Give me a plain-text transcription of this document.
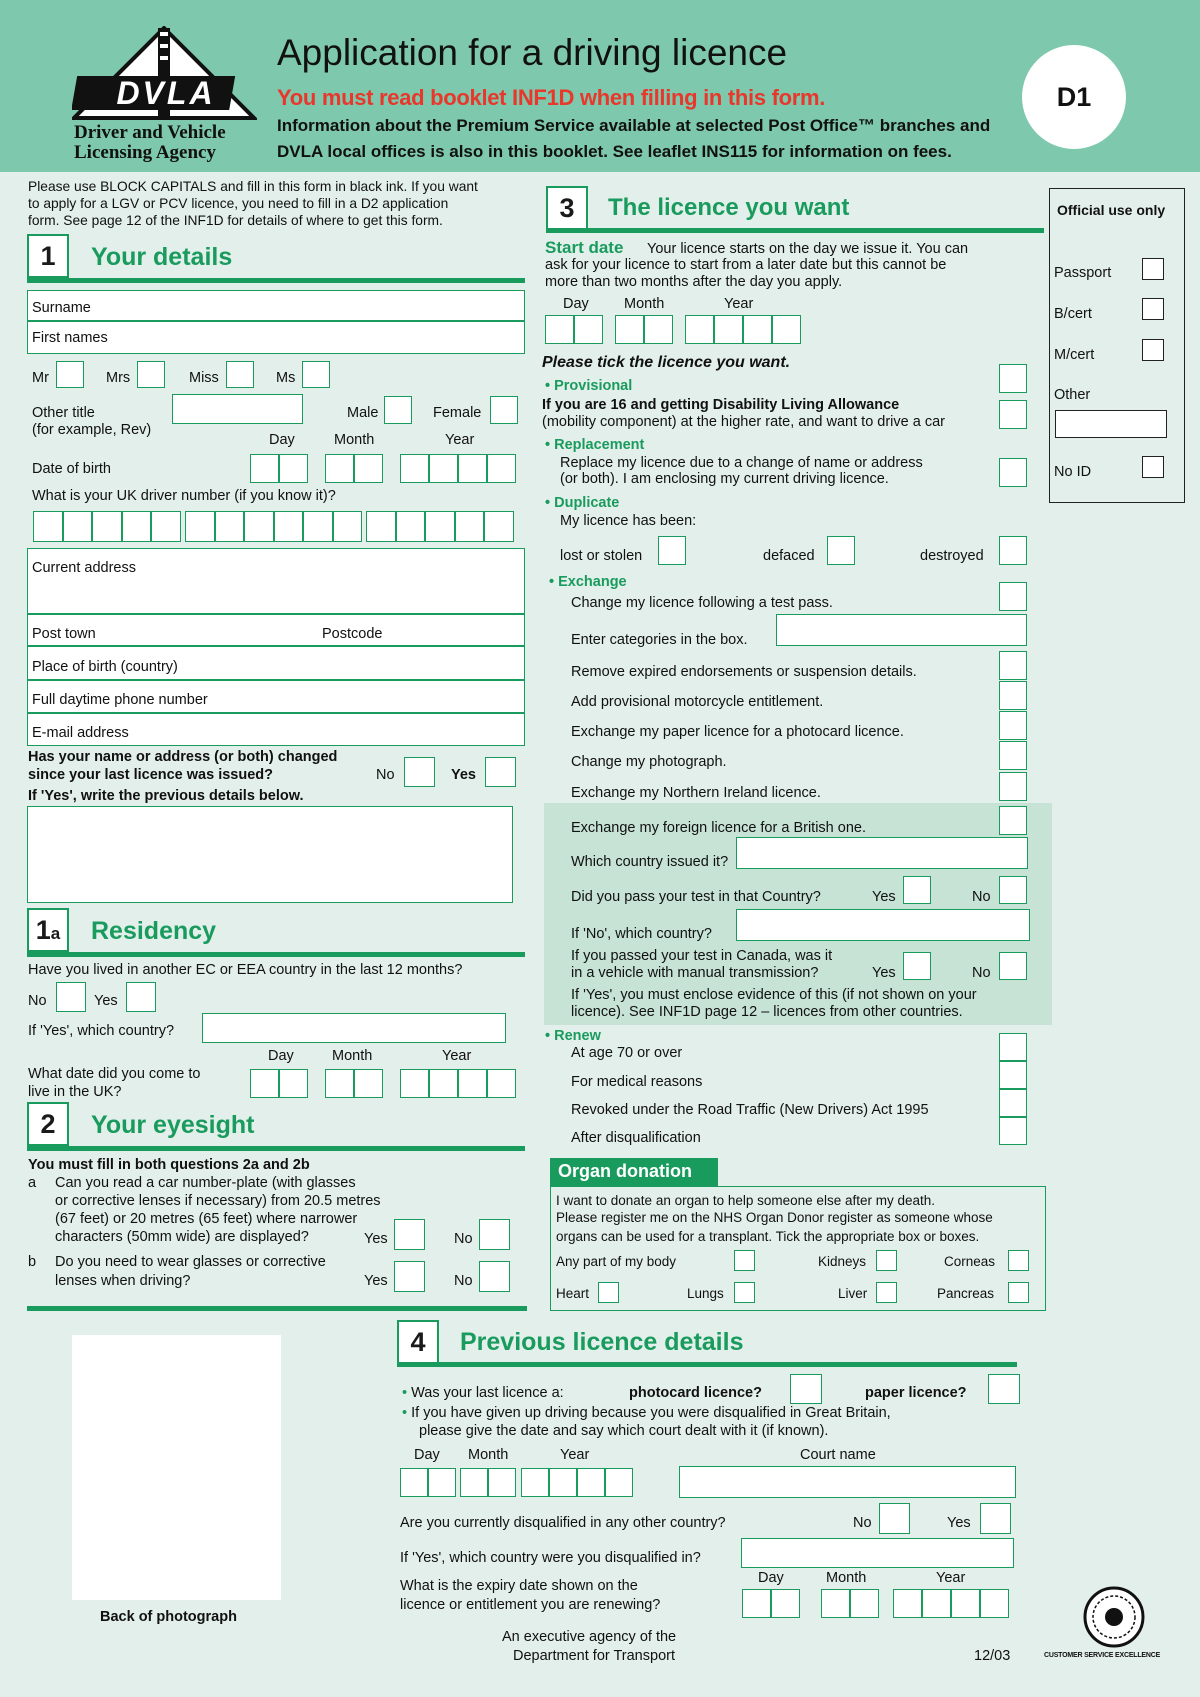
DVLA
Driver and Vehicle
Licensing Agency
Application for a driving licence
You must read booklet INF1D when filling in this form.
Information about the Premium Service available at selected Post Office™ branches and
DVLA local offices is also in this booklet. See leaflet INS115 for information on fees.
D1
Please use BLOCK CAPITALS and fill in this form in black ink. If you want
to apply for a LGV or PCV licence, you need to fill in a D2 application
form. See page 12 of the INF1D for details of where to get this form.
1	Your details
Surname
First names
Mr	Mrs	Miss	Ms
Other title
(for example, Rev)
Male	Female
Day	Month	Year
Date of birth
What is your UK driver number (if you know it)?
Current address
Post town	Postcode
Place of birth (country)
Full daytime phone number
E-mail address
Has your name or address (or both) changed
since your last licence was issued?	No	Yes
If 'Yes', write the previous details below.
1a	Residency
Have you lived in another EC or EEA country in the last 12 months?
No	Yes
If 'Yes', which country?
Day	Month	Year
What date did you come to
live in the UK?
2	Your eyesight
You must fill in both questions 2a and 2b
a Can you read a car number-plate (with glasses
or corrective lenses if necessary) from 20.5 metres
(67 feet) or 20 metres (65 feet) where narrower
characters (50mm wide) are displayed?	Yes	No
b Do you need to wear glasses or corrective
lenses when driving?	Yes	No
Back of photograph
3	The licence you want
Start date Your licence starts on the day we issue it. You can
ask for your licence to start from a later date but this cannot be
more than two months after the day you apply.
Day Month	Year
Please tick the licence you want.
• Provisional
If you are 16 and getting Disability Living Allowance
(mobility component) at the higher rate, and want to drive a car
• Replacement
Replace my licence due to a change of name or address
(or both). I am enclosing my current driving licence.
• Duplicate
My licence has been:
lost or stolen	defaced	destroyed
• Exchange
Change my licence following a test pass.
Enter categories in the box.
Remove expired endorsements or suspension details.
Add provisional motorcycle entitlement.
Exchange my paper licence for a photocard licence.
Change my photograph.
Exchange my Northern Ireland licence.
Exchange my foreign licence for a British one.
Which country issued it?
Did you pass your test in that Country?	Yes	No
If 'No', which country?
If you passed your test in Canada, was it
in a vehicle with manual transmission?	Yes	No
If 'Yes', you must enclose evidence of this (if not shown on your
licence). See INF1D page 12 – licences from other countries.
• Renew
At age 70 or over
For medical reasons
Revoked under the Road Traffic (New Drivers) Act 1995
After disqualification
Official use only
Passport
B/cert
M/cert
Other
No ID
Organ donation
I want to donate an organ to help someone else after my death.
Please register me on the NHS Organ Donor register as someone whose
organs can be used for a transplant. Tick the appropriate box or boxes.
Any part of my body	Kidneys	Corneas
Heart	Lungs	Liver	Pancreas
4	Previous licence details
• Was your last licence a:	photocard licence?	paper licence?
• If you have given up driving because you were disqualified in Great Britain,
please give the date and say which court dealt with it (if known).
Day Month	Year	Court name
Are you currently disqualified in any other country?	No	Yes
If 'Yes', which country were you disqualified in?
Day	Month	Year
What is the expiry date shown on the
licence or entitlement you are renewing?
An executive agency of the
Department for Transport	12/03	CUSTOMER SERVICE EXCELLENCE
